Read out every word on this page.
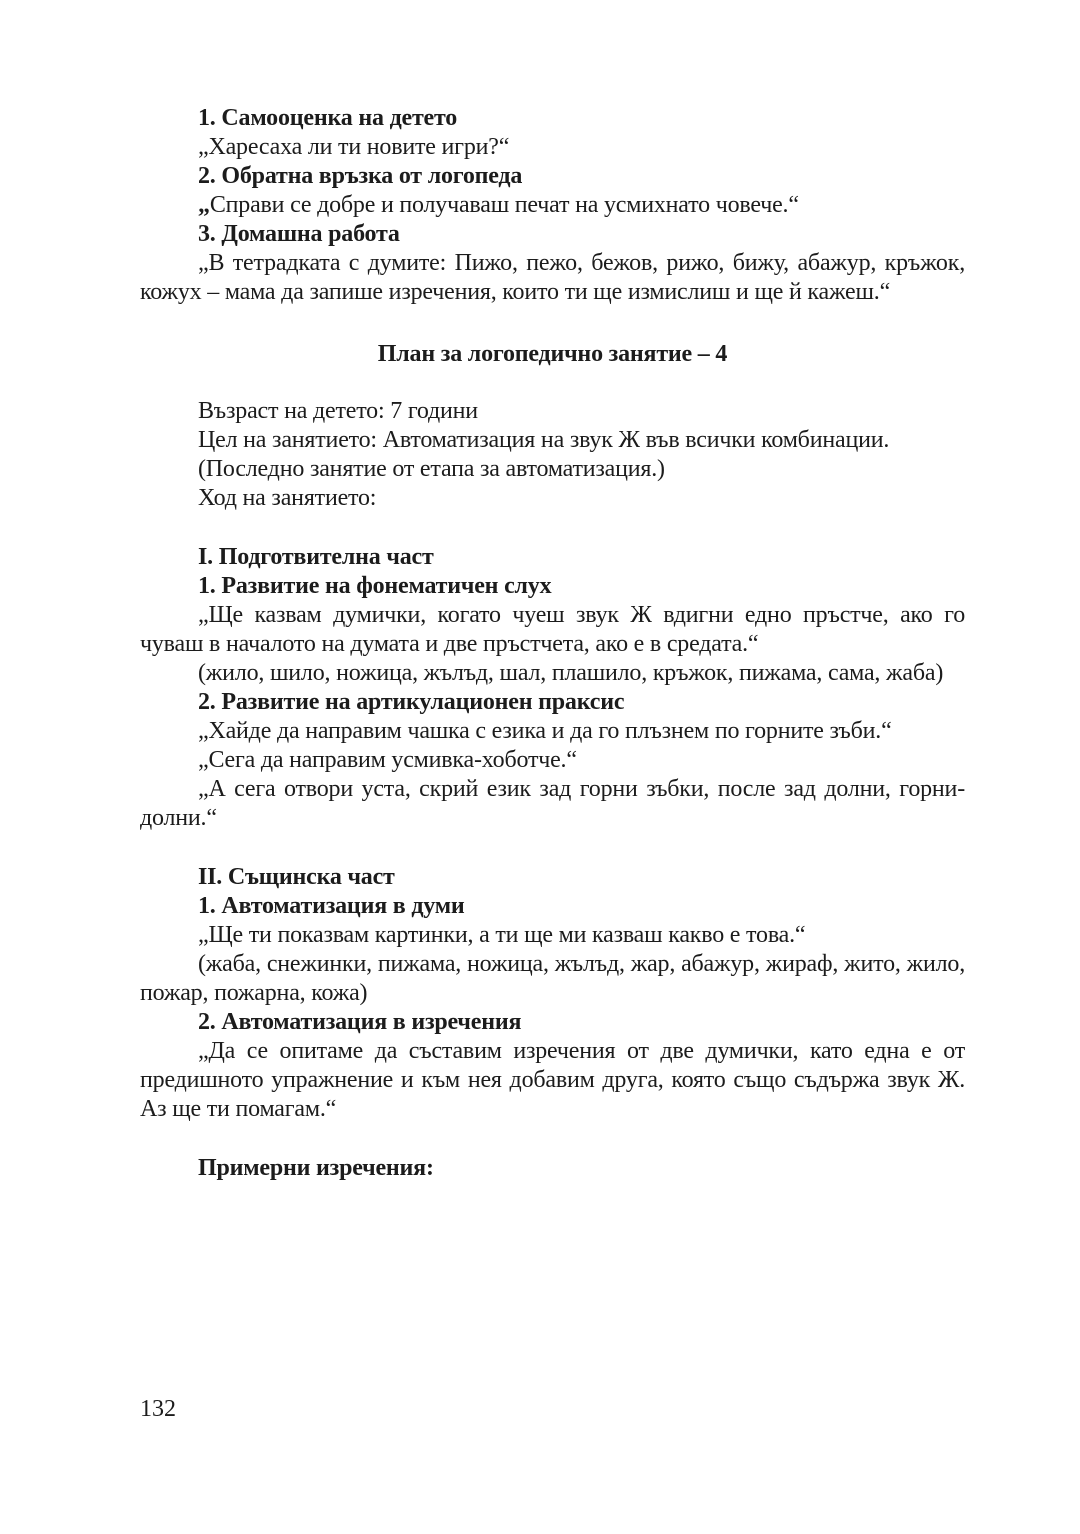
1. Самооценка на детето

„Харесаха ли ти новите игри?“

2. Обратна връзка от логопеда

„Справи се добре и получаваш печат на усмихнато човече.“

3. Домашна работа

„В тетрадката с думите: Пижо, пежо, бежов, рижо, бижу, абажур, кръжок, кожух – мама да запише изречения, които ти ще измислиш и ще й кажеш.“

План за логопедично занятие – 4

Възраст на детето: 7 години

Цел на занятието: Автоматизация на звук Ж във всички комбинации.

(Последно занятие от етапа за автоматизация.)

Ход на занятието:

I. Подготвителна част

1. Развитие на фонематичен слух

„Ще казвам думички, когато чуеш звук Ж вдигни едно пръстче, ако го чуваш в началото на думата и две пръстчета, ако е в средата.“

(жило, шило, ножица, жълъд, шал, плашило, кръжок, пижама, сама, жаба)

2. Развитие на артикулационен праксис

„Хайде да направим чашка с езика и да го плъзнем по горните зъби.“

„Сега да направим усмивка-хоботче.“

„А сега отвори уста, скрий език зад горни зъбки, после зад долни, горни-долни.“

II. Същинска част

1. Автоматизация в думи

„Ще ти показвам картинки, а ти ще ми казваш какво е това.“

(жаба, снежинки, пижама, ножица, жълъд, жар, абажур, жираф, жито, жило, пожар, пожарна, кожа)

2. Автоматизация в изречения

„Да се опитаме да съставим изречения от две думички, като една е от предишното упражнение и към нея добавим друга, която също съдържа звук Ж. Аз ще ти помагам.“

Примерни изречения:

132
